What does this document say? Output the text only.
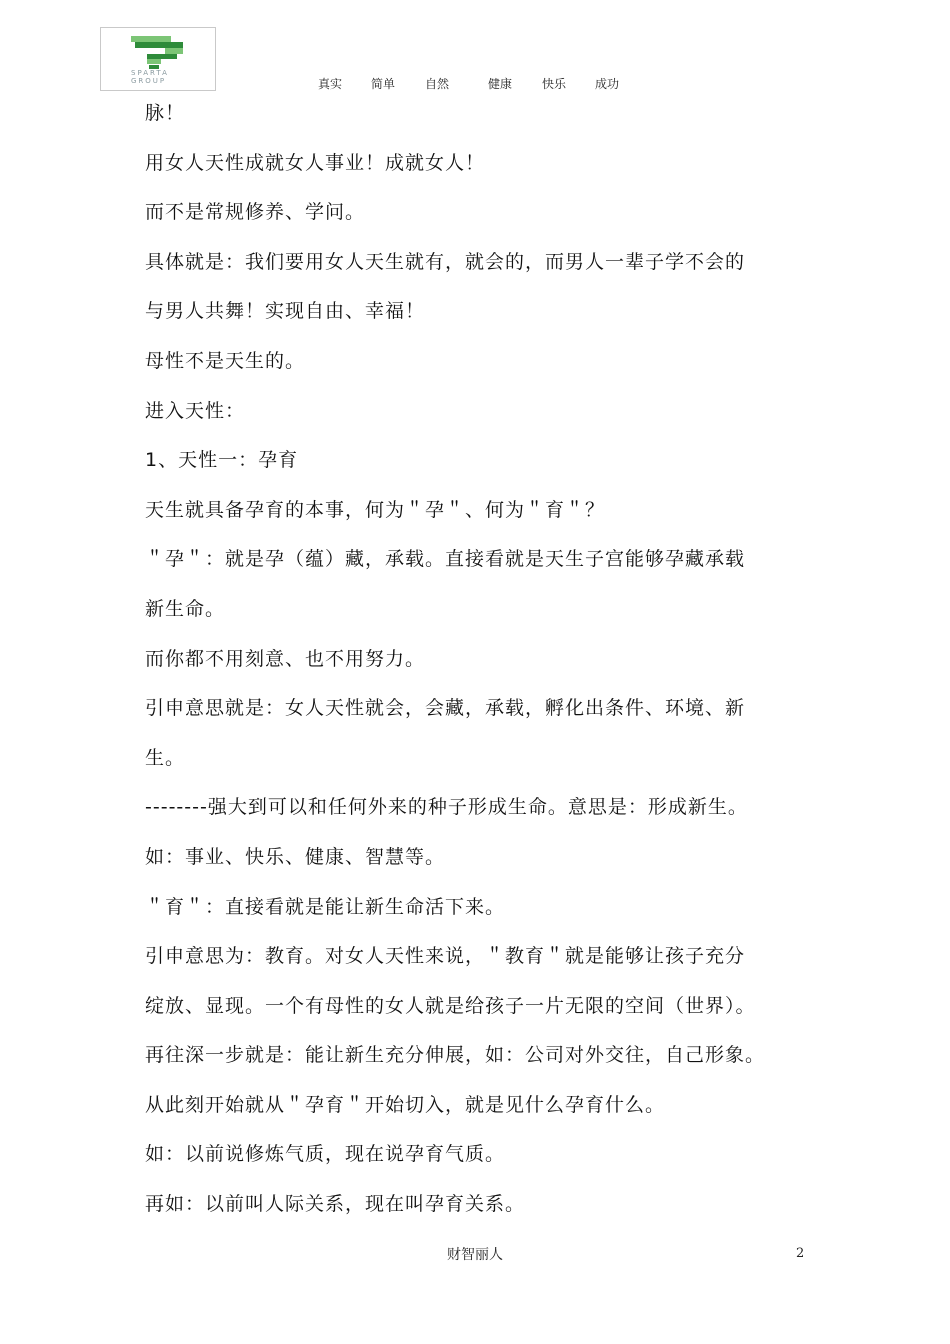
SPARTA
GROUP	真实 简单 自然	健康 快乐 成功
脉！
用女人天性成就女人事业！成就女人！
而不是常规修养、学问。
具体就是：我们要用女人天生就有，就会的，而男人一辈子学不会的
与男人共舞！实现自由、幸福！
母性不是天生的。
进入天性：
1、天性一：孕育
天生就具备孕育的本事，何为＂孕＂、何为＂育＂？
＂孕＂：就是孕（蕴）藏，承载。直接看就是天生子宫能够孕藏承载
新生命。
而你都不用刻意、也不用努力。
引申意思就是：女人天性就会，会藏，承载，孵化出条件、环境、新
生。
--------强大到可以和任何外来的种子形成生命。意思是：形成新生。
如：事业、快乐、健康、智慧等。
＂育＂：直接看就是能让新生命活下来。
引申意思为：教育。对女人天性来说，＂教育＂就是能够让孩子充分
绽放、显现。一个有母性的女人就是给孩子一片无限的空间（世界）。
再往深一步就是：能让新生充分伸展，如：公司对外交往，自己形象。
从此刻开始就从＂孕育＂开始切入，就是见什么孕育什么。
如：以前说修炼气质，现在说孕育气质。
再如：以前叫人际关系，现在叫孕育关系。
财智丽人	2
